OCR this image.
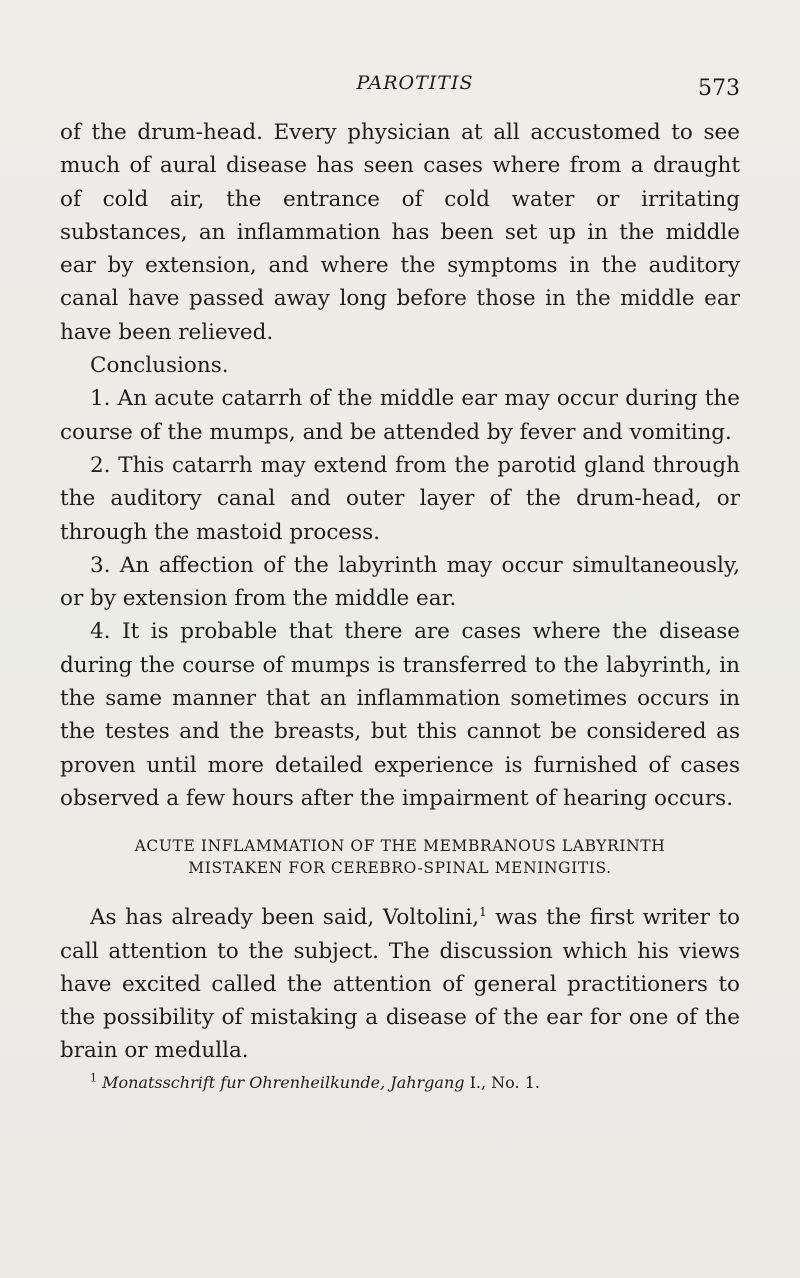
PAROTITIS	573

of the drum-head. Every physician at all accustomed to see much of aural disease has seen cases where from a draught of cold air, the entrance of cold water or irritating substances, an inflammation has been set up in the middle ear by extension, and where the symptoms in the auditory canal have passed away long before those in the middle ear have been relieved.

Conclusions.

1. An acute catarrh of the middle ear may occur during the course of the mumps, and be attended by fever and vomiting.

2. This catarrh may extend from the parotid gland through the auditory canal and outer layer of the drum-head, or through the mastoid process.

3. An affection of the labyrinth may occur simultaneously, or by extension from the middle ear.

4. It is probable that there are cases where the disease during the course of mumps is transferred to the labyrinth, in the same manner that an inflammation sometimes occurs in the testes and the breasts, but this cannot be considered as proven until more detailed experience is furnished of cases observed a few hours after the impairment of hearing occurs.

ACUTE INFLAMMATION OF THE MEMBRANOUS LABYRINTH
MISTAKEN FOR CEREBRO-SPINAL MENINGITIS.

As has already been said, Voltolini,$^1$ was the first writer to call attention to the subject. The discussion which his views have excited called the attention of general practitioners to the possibility of mistaking a disease of the ear for one of the brain or medulla.

$^1$ Monatsschrift fur Ohrenheilkunde, Jahrgang I., No. 1.
